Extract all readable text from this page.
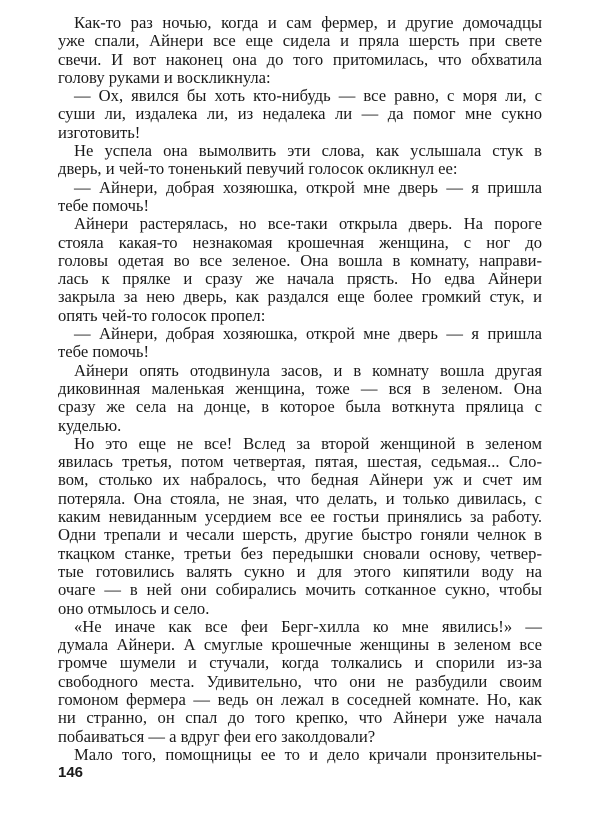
Как-то раз ночью, когда и сам фермер, и другие домочадцы
уже спали, Айнери все еще сидела и пряла шерсть при свете
свечи. И вот наконец она до того притомилась, что обхватила
голову руками и воскликнула:
— Ох, явился бы хоть кто-нибудь — все равно, с моря ли, с
суши ли, издалека ли, из недалека ли — да помог мне сукно
изготовить!
Не успела она вымолвить эти слова, как услышала стук в
дверь, и чей-то тоненький певучий голосок окликнул ее:
— Айнери, добрая хозяюшка, открой мне дверь — я пришла
тебе помочь!
Айнери растерялась, но все-таки открыла дверь. На пороге
стояла какая-то незнакомая крошечная женщина, с ног до
головы одетая во все зеленое. Она вошла в комнату, направи-
лась к прялке и сразу же начала прясть. Но едва Айнери
закрыла за нею дверь, как раздался еще более громкий стук, и
опять чей-то голосок пропел:
— Айнери, добрая хозяюшка, открой мне дверь — я пришла
тебе помочь!
Айнери опять отодвинула засов, и в комнату вошла другая
диковинная маленькая женщина, тоже — вся в зеленом. Она
сразу же села на донце, в которое была воткнута прялица с
куделью.
Но это еще не все! Вслед за второй женщиной в зеленом
явилась третья, потом четвертая, пятая, шестая, седьмая... Сло-
вом, столько их набралось, что бедная Айнери уж и счет им
потеряла. Она стояла, не зная, что делать, и только дивилась, с
каким невиданным усердием все ее гостьи принялись за работу.
Одни трепали и чесали шерсть, другие быстро гоняли челнок в
ткацком станке, третьи без передышки сновали основу, четвер-
тые готовились валять сукно и для этого кипятили воду на
очаге — в ней они собирались мочить сотканное сукно, чтобы
оно отмылось и село.
«Не иначе как все феи Берг-хилла ко мне явились!» —
думала Айнери. А смуглые крошечные женщины в зеленом все
громче шумели и стучали, когда толкались и спорили из-за
свободного места. Удивительно, что они не разбудили своим
гомоном фермера — ведь он лежал в соседней комнате. Но, как
ни странно, он спал до того крепко, что Айнери уже начала
побаиваться — а вдруг феи его заколдовали?
Мало того, помощницы ее то и дело кричали пронзительны-
146
